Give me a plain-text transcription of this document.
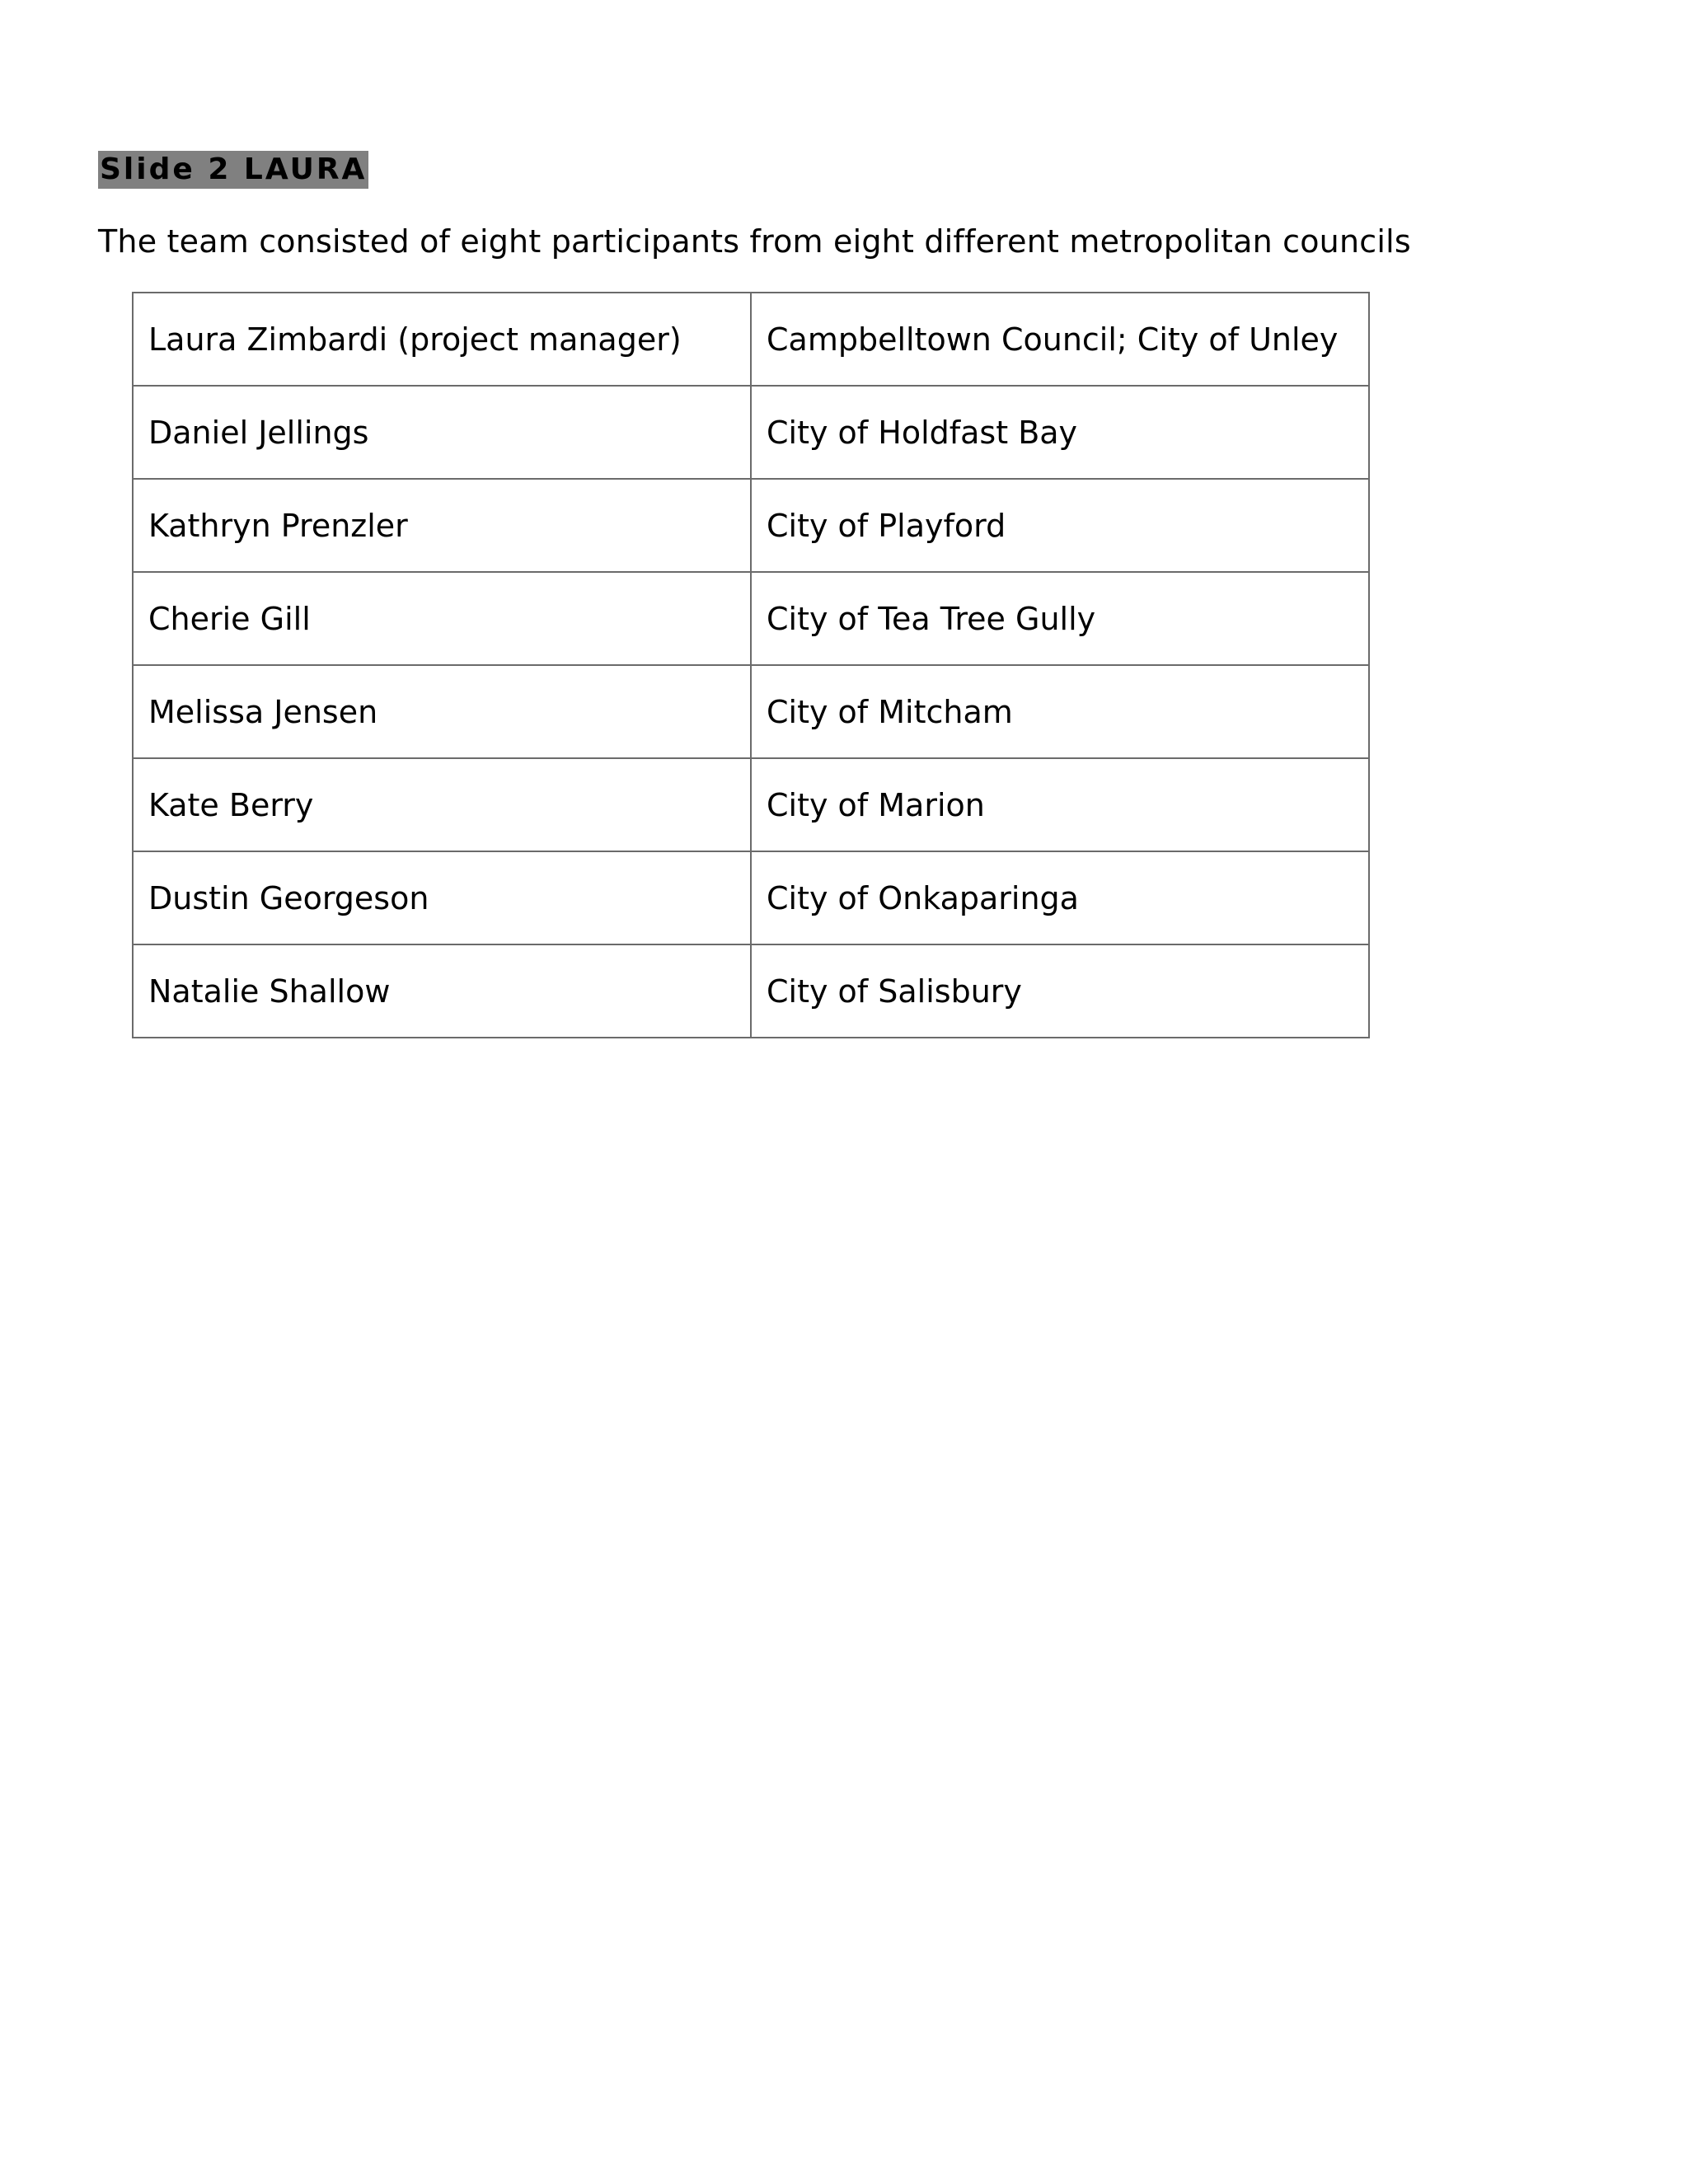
Slide 2 LAURA
The team consisted of eight participants from eight different metropolitan councils
Laura Zimbardi (project manager)	Campbelltown Council; City of Unley
Daniel Jellings	City of Holdfast Bay
Kathryn Prenzler	City of Playford
Cherie Gill	City of Tea Tree Gully
Melissa Jensen	City of Mitcham
Kate Berry	City of Marion
Dustin Georgeson	City of Onkaparinga
Natalie Shallow	City of Salisbury
